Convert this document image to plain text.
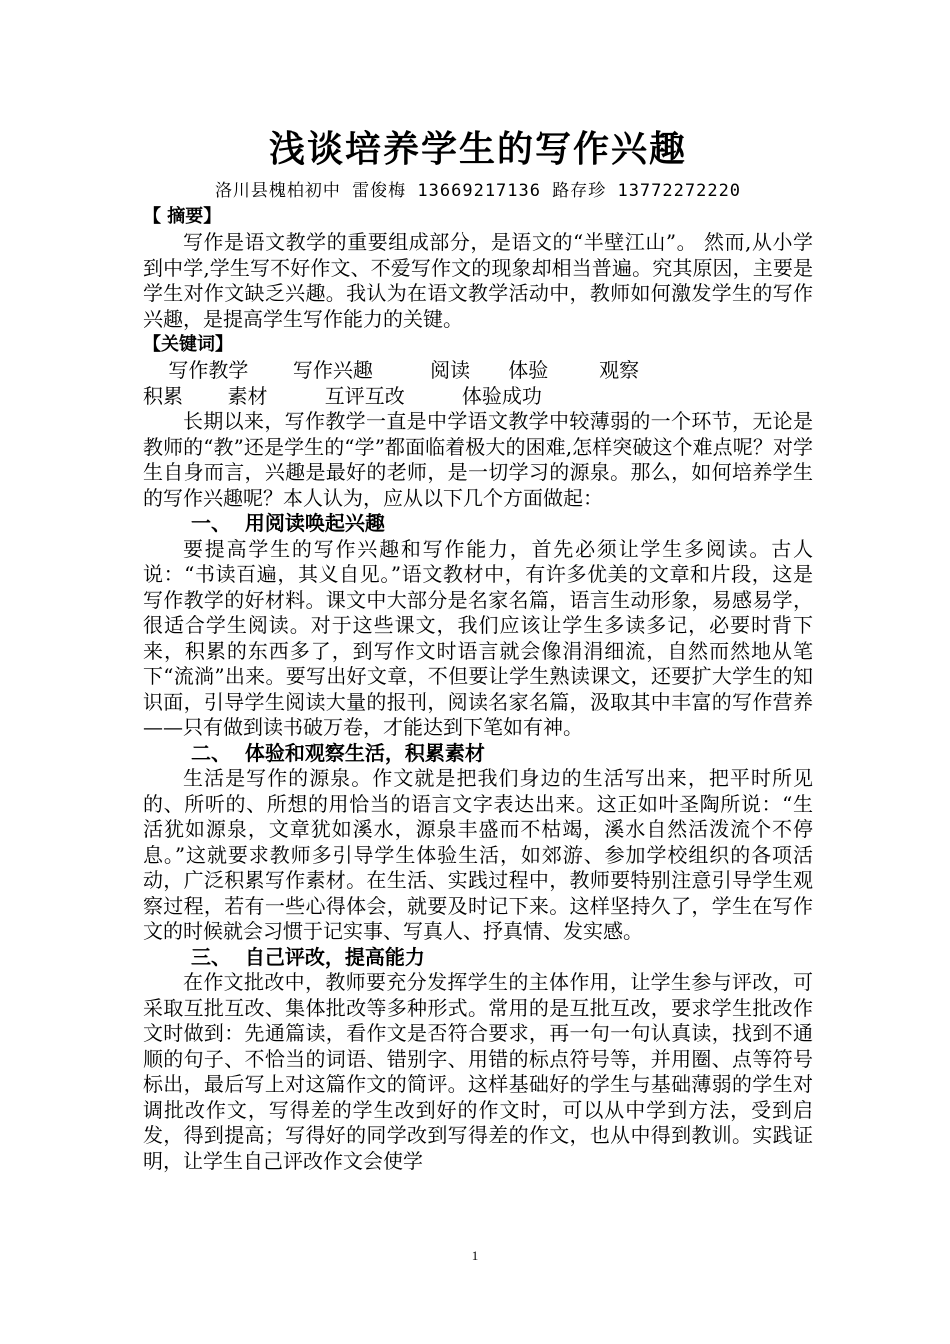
浅谈培养学生的写作兴趣
洛川县槐柏初中 雷俊梅 13669217136 路存珍 13772272220
【 摘要】

写作是语文教学的重要组成部分，是语文的“半壁江山”。 然而,从小学到中学,学生写不好作文、不爱写作文的现象却相当普遍。究其原因，主要是学生对作文缺乏兴趣。我认为在语文教学活动中，教师如何激发学生的写作兴趣，是提高学生写作能力的关键。

【关键词】
写作教学       写作兴趣         阅读      体验        观察
积累       素材         互评互改         体验成功

长期以来，写作教学一直是中学语文教学中较薄弱的一个环节，无论是教师的“教”还是学生的“学”都面临着极大的困难,怎样突破这个难点呢？对学生自身而言，兴趣是最好的老师，是一切学习的源泉。那么，如何培养学生的写作兴趣呢？本人认为，应从以下几个方面做起：

一、  用阅读唤起兴趣

要提高学生的写作兴趣和写作能力，首先必须让学生多阅读。古人说：“书读百遍，其义自见。”语文教材中，有许多优美的文章和片段，这是写作教学的好材料。课文中大部分是名家名篇，语言生动形象，易感易学，很适合学生阅读。对于这些课文，我们应该让学生多读多记，必要时背下来，积累的东西多了，到写作文时语言就会像涓涓细流，自然而然地从笔下“流淌”出来。要写出好文章，不但要让学生熟读课文，还要扩大学生的知识面，引导学生阅读大量的报刊，阅读名家名篇，汲取其中丰富的写作营养——只有做到读书破万卷，才能达到下笔如有神。

二、  体验和观察生活，积累素材

生活是写作的源泉。作文就是把我们身边的生活写出来，把平时所见的、所听的、所想的用恰当的语言文字表达出来。这正如叶圣陶所说：“生活犹如源泉，文章犹如溪水，源泉丰盛而不枯竭，溪水自然活泼流个不停息。”这就要求教师多引导学生体验生活，如郊游、参加学校组织的各项活动，广泛积累写作素材。在生活、实践过程中，教师要特别注意引导学生观察过程，若有一些心得体会，就要及时记下来。这样坚持久了，学生在写作文的时候就会习惯于记实事、写真人、抒真情、发实感。

三、  自己评改，提高能力

在作文批改中，教师要充分发挥学生的主体作用，让学生参与评改，可采取互批互改、集体批改等多种形式。常用的是互批互改，要求学生批改作文时做到：先通篇读，看作文是否符合要求，再一句一句认真读，找到不通顺的句子、不恰当的词语、错别字、用错的标点符号等，并用圈、点等符号标出，最后写上对这篇作文的简评。这样基础好的学生与基础薄弱的学生对调批改作文，写得差的学生改到好的作文时，可以从中学到方法，受到启发，得到提高；写得好的同学改到写得差的作文，也从中得到教训。实践证明，让学生自己评改作文会使学

1
